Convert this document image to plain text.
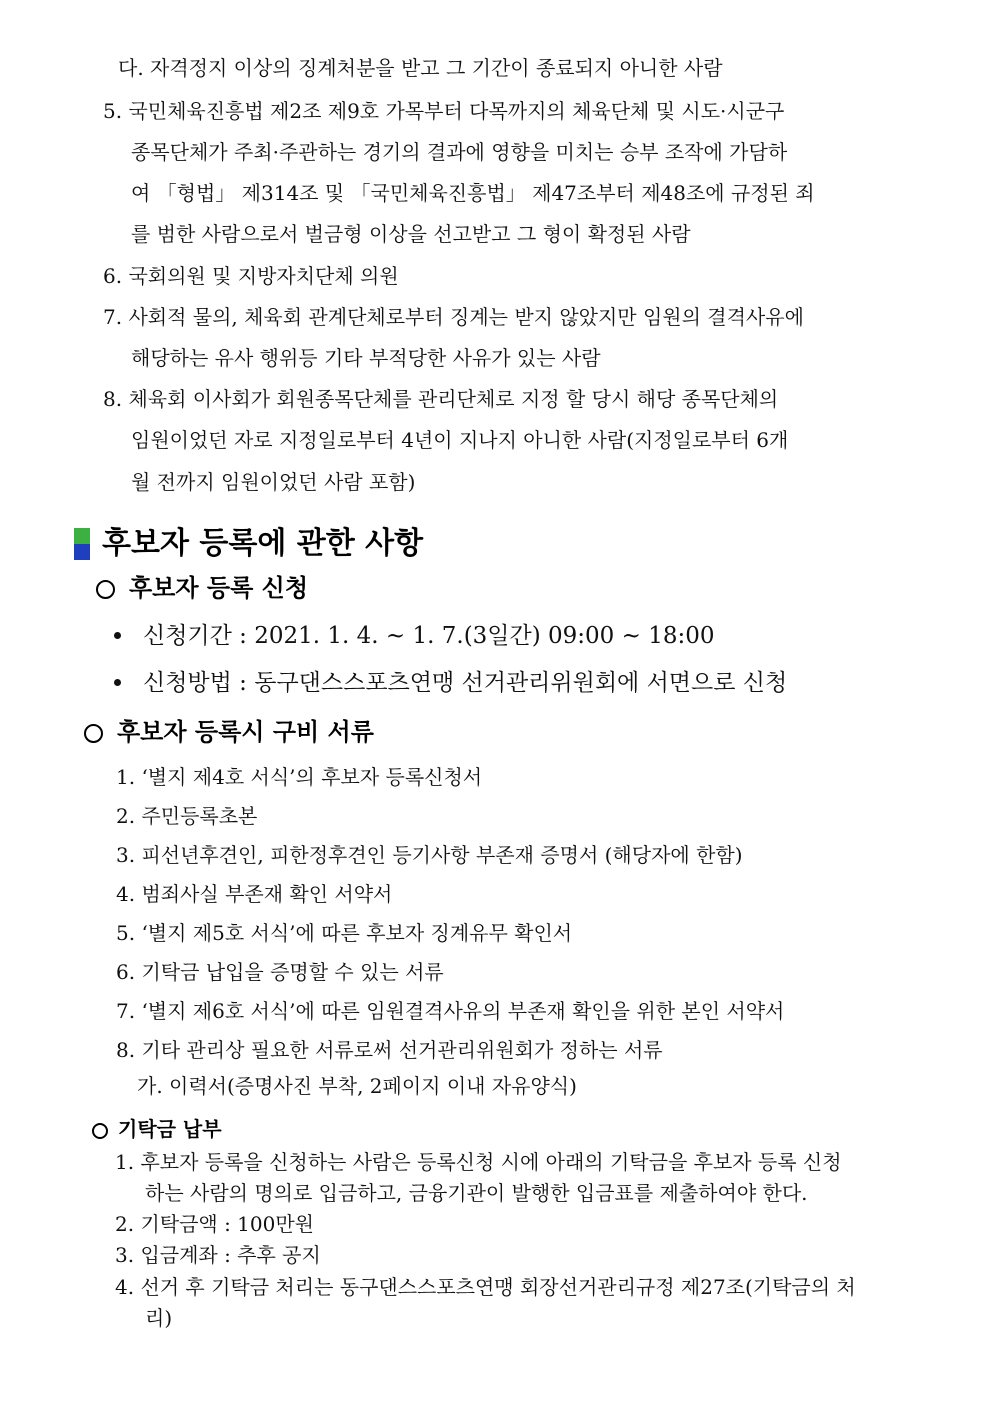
다. 자격정지 이상의 징계처분을 받고 그 기간이 종료되지 아니한 사람
5. 국민체육진흥법 제2조 제9호 가목부터 다목까지의 체육단체 및 시도·시군구
종목단체가 주최·주관하는 경기의 결과에 영향을 미치는 승부 조작에 가담하
여 「형법」 제314조 및 「국민체육진흥법」 제47조부터 제48조에 규정된 죄
를 범한 사람으로서 벌금형 이상을 선고받고 그 형이 확정된 사람
6. 국회의원 및 지방자치단체 의원
7. 사회적 물의, 체육회 관계단체로부터 징계는 받지 않았지만 임원의 결격사유에
해당하는 유사 행위등 기타 부적당한 사유가 있는 사람
8. 체육회 이사회가 회원종목단체를 관리단체로 지정 할 당시 해당 종목단체의
임원이었던 자로 지정일로부터 4년이 지나지 아니한 사람(지정일로부터 6개
월 전까지 임원이었던 사람 포함)
후보자 등록에 관한 사항
후보자 등록 신청
신청기간 : 2021. 1. 4. ~ 1. 7.(3일간) 09:00 ~ 18:00
신청방법 : 동구댄스스포츠연맹 선거관리위원회에 서면으로 신청
후보자 등록시 구비 서류
1. ‘별지 제4호 서식’의 후보자 등록신청서
2. 주민등록초본
3. 피선년후견인, 피한정후견인 등기사항 부존재 증명서 (해당자에 한함)
4. 범죄사실 부존재 확인 서약서
5. ‘별지 제5호 서식’에 따른 후보자 징계유무 확인서
6. 기탁금 납입을 증명할 수 있는 서류
7. ‘별지 제6호 서식’에 따른 임원결격사유의 부존재 확인을 위한 본인 서약서
8. 기타 관리상 필요한 서류로써 선거관리위원회가 정하는 서류
가. 이력서(증명사진 부착, 2페이지 이내 자유양식)
기탁금 납부
1. 후보자 등록을 신청하는 사람은 등록신청 시에 아래의 기탁금을 후보자 등록 신청
하는 사람의 명의로 입금하고, 금융기관이 발행한 입금표를 제출하여야 한다.
2. 기탁금액 : 100만원
3. 입금계좌 : 추후 공지
4. 선거 후 기탁금 처리는 동구댄스스포츠연맹 회장선거관리규정 제27조(기탁금의 처
리)
